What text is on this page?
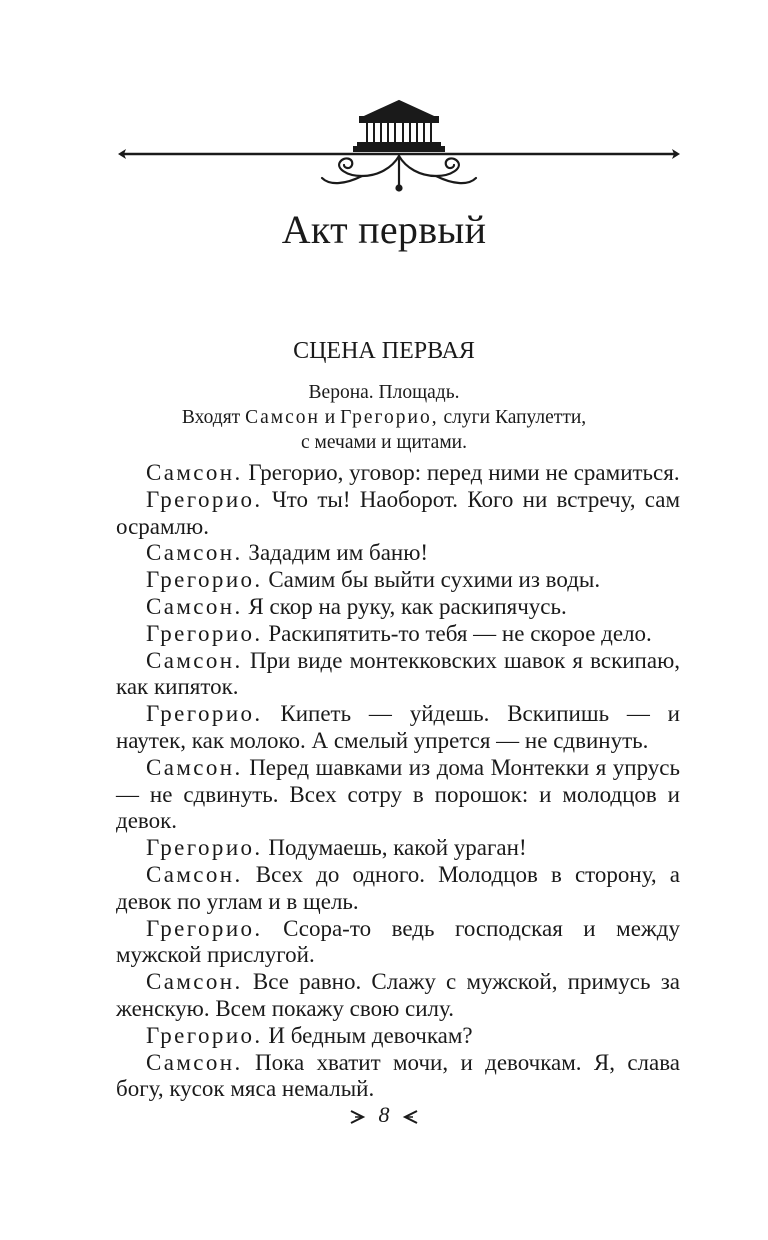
Акт первый
СЦЕНА ПЕРВАЯ
Верона. Площадь.
Входят Самсон и Грегорио, слуги Капулетти,
с мечами и щитами.

Самсон. Грегорио, уговор: перед ними не срамиться.

Грегорио. Что ты! Наоборот. Кого ни встречу, сам осрамлю.

Самсон. Зададим им баню!

Грегорио. Самим бы выйти сухими из воды.

Самсон. Я скор на руку, как раскипячусь.

Грегорио. Раскипятить-то тебя — не скорое дело.

Самсон. При виде монтекковских шавок я вскипаю, как кипяток.

Грегорио. Кипеть — уйдешь. Вскипишь — и наутек, как молоко. А смелый упрется — не сдвинуть.

Самсон. Перед шавками из дома Монтекки я упрусь — не сдвинуть. Всех сотру в порошок: и молодцов и девок.

Грегорио. Подумаешь, какой ураган!

Самсон. Всех до одного. Молодцов в сторону, а девок по углам и в щель.

Грегорио. Ссора-то ведь господская и между мужской прислугой.

Самсон. Все равно. Слажу с мужской, примусь за женскую. Всем покажу свою силу.

Грегорио. И бедным девочкам?

Самсон. Пока хватит мочи, и девочкам. Я, слава богу, кусок мяса немалый.

8
